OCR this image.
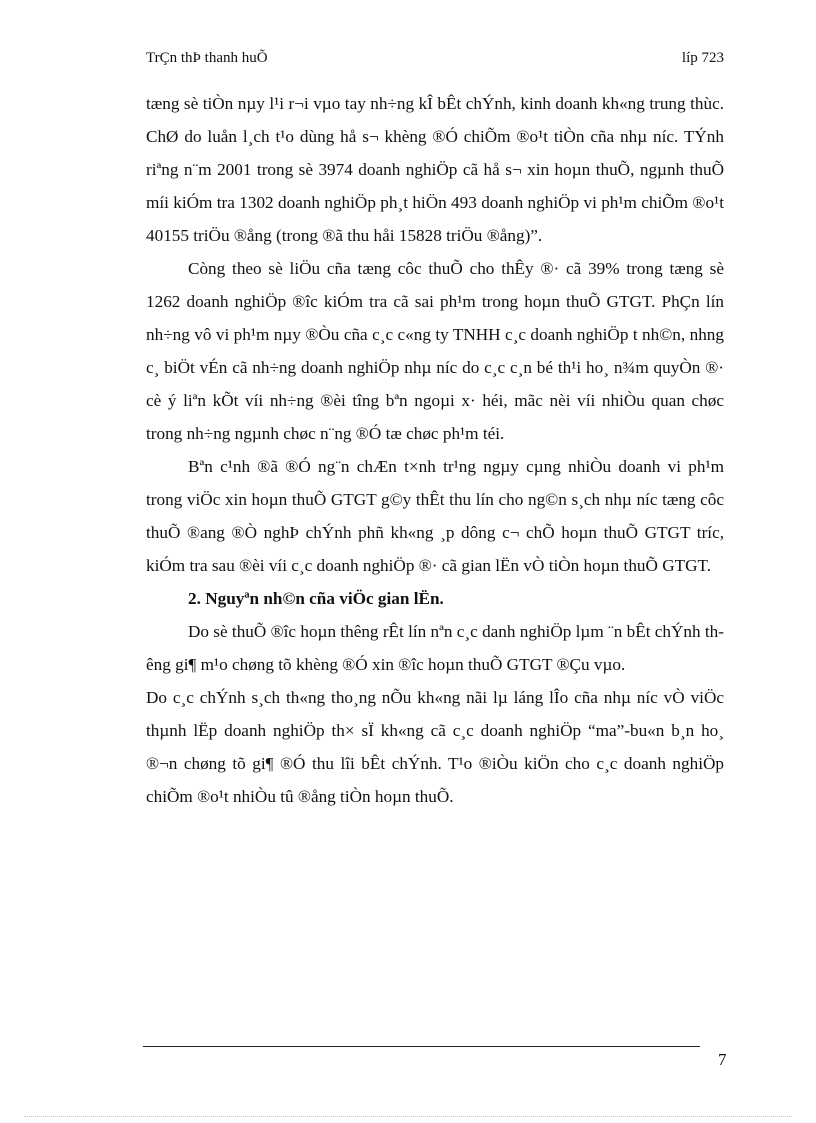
TrÇn thÞ thanh huÕ	líp 723

tæng sè tiÒn nµy l¹i r¬i vµo tay nh÷ng kÎ bÊt chÝnh, kinh doanh kh«ng trung thùc. ChØ do luån l¸ch t¹o dùng hå s¬ khèng ®Ó chiÕm ®o¹t tiÒn cña nhµ níc. TÝnh riªng n¨m 2001 trong sè 3974 doanh nghiÖp cã hå s¬ xin hoµn thuÕ, ngµnh thuÕ míi kiÓm tra 1302 doanh nghiÖp ph¸t hiÖn 493 doanh nghiÖp vi ph¹m chiÕm ®o¹t 40155 triÖu ®ång (trong ®ã thu håi 15828 triÖu ®ång)”.

Còng theo sè liÖu cña tæng côc thuÕ cho thÊy ®· cã 39% trong tæng sè 1262 doanh nghiÖp ®îc kiÓm tra cã sai ph¹m trong hoµn thuÕ GTGT. PhÇn lín nh÷ng vô vi ph¹m nµy ®Òu cña c¸c c«ng ty TNHH c¸c doanh nghiÖp t nh©n, nhng c¸ biÖt vÉn cã nh÷ng doanh nghiÖp nhµ níc do c¸c c¸n bé th¹i ho¸ n¾m quyÒn ®· cè ý liªn kÕt víi nh÷ng ®èi tîng bªn ngoµi x· héi, mãc nèi víi nhiÒu quan chøc trong nh÷ng ngµnh chøc n¨ng ®Ó tæ chøc ph¹m téi.

Bªn c¹nh ®ã ®Ó ng¨n chÆn t×nh tr¹ng ngµy cµng nhiÒu doanh vi ph¹m trong viÖc xin hoµn thuÕ GTGT g©y thÊt thu lín cho ng©n s¸ch nhµ níc tæng côc thuÕ ®ang ®Ò nghÞ chÝnh phñ kh«ng ¸p dông c¬ chÕ hoµn thuÕ GTGT tríc, kiÓm tra sau ®èi víi c¸c doanh nghiÖp ®· cã gian lËn vÒ tiÒn hoµn thuÕ GTGT.

2. Nguyªn nh©n cña viÖc gian lËn.

Do sè thuÕ ®îc hoµn thêng rÊt lín nªn c¸c danh nghiÖp lµm ¨n bÊt chÝnh thêng gi¶ m¹o chøng tõ khèng ®Ó xin ®îc hoµn thuÕ GTGT ®Çu vµo.

Do c¸c chÝnh s¸ch th«ng tho¸ng nÕu kh«ng nãi lµ láng lÎo cña nhµ níc vÒ viÖc thµnh lËp doanh nghiÖp th× sÏ kh«ng cã c¸c doanh nghiÖp “ma”-bu«n b¸n ho¸ ®¬n chøng tõ gi¶ ®Ó thu lîi bÊt chÝnh. T¹o ®iÒu kiÖn cho c¸c doanh nghiÖp chiÕm ®o¹t nhiÒu tû ®ång tiÒn hoµn thuÕ.

7
